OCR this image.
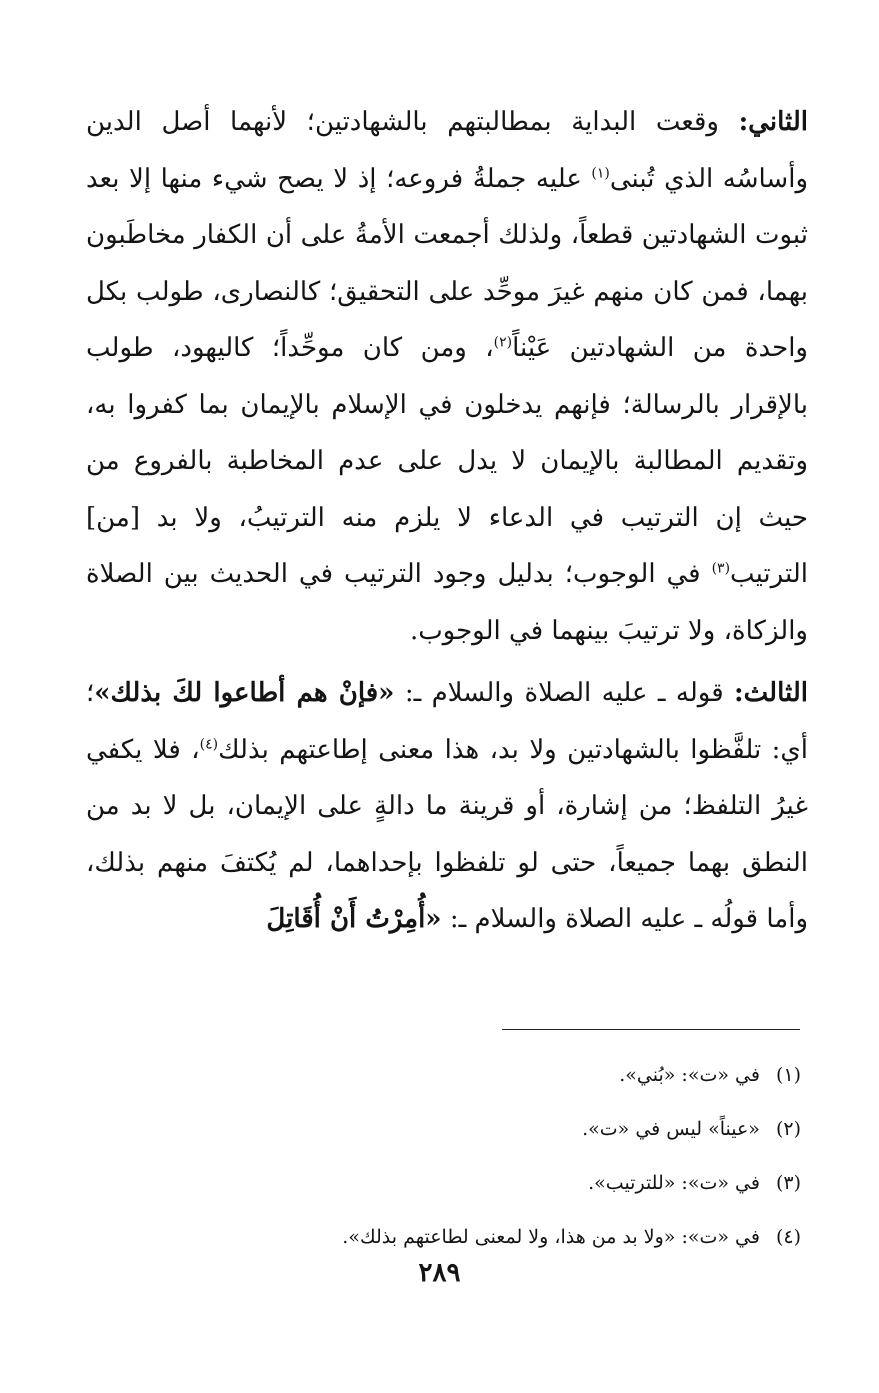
الثاني: وقعت البداية بمطالبتهم بالشهادتين؛ لأنهما أصل الدين وأساسُه الذي تُبنى$^{(١)}$ عليه جملةُ فروعه؛ إذ لا يصح شيء منها إلا بعد ثبوت الشهادتين قطعاً، ولذلك أجمعت الأمةُ على أن الكفار مخاطَبون بهما، فمن كان منهم غيرَ موحِّد على التحقيق؛ كالنصارى، طولب بكل واحدة من الشهادتين عَيْناً$^{(٢)}$، ومن كان موحِّداً؛ كاليهود، طولب بالإقرار بالرسالة؛ فإنهم يدخلون في الإسلام بالإيمان بما كفروا به، وتقديم المطالبة بالإيمان لا يدل على عدم المخاطبة بالفروع من حيث إن الترتيب في الدعاء لا يلزم منه الترتيبُ، ولا بد [من] الترتيب$^{(٣)}$ في الوجوب؛ بدليل وجود الترتيب في الحديث بين الصلاة والزكاة، ولا ترتيبَ بينهما في الوجوب.

الثالث: قوله ـ عليه الصلاة والسلام ـ: «فإنْ هم أطاعوا لكَ بذلك»؛ أي: تلفَّظوا بالشهادتين ولا بد، هذا معنى إطاعتهم بذلك$^{(٤)}$، فلا يكفي غيرُ التلفظ؛ من إشارة، أو قرينة ما دالةٍ على الإيمان، بل لا بد من النطق بهما جميعاً، حتى لو تلفظوا بإحداهما، لم يُكتفَ منهم بذلك، وأما قولُه ـ عليه الصلاة والسلام ـ: «أُمِرْتُ أَنْ أُقَاتِلَ

(١)في «ت»: «بُني».
(٢)«عيناً» ليس في «ت».
(٣)في «ت»: «للترتيب».
(٤)في «ت»: «ولا بد من هذا، ولا لمعنى لطاعتهم بذلك».
٢٨٩
